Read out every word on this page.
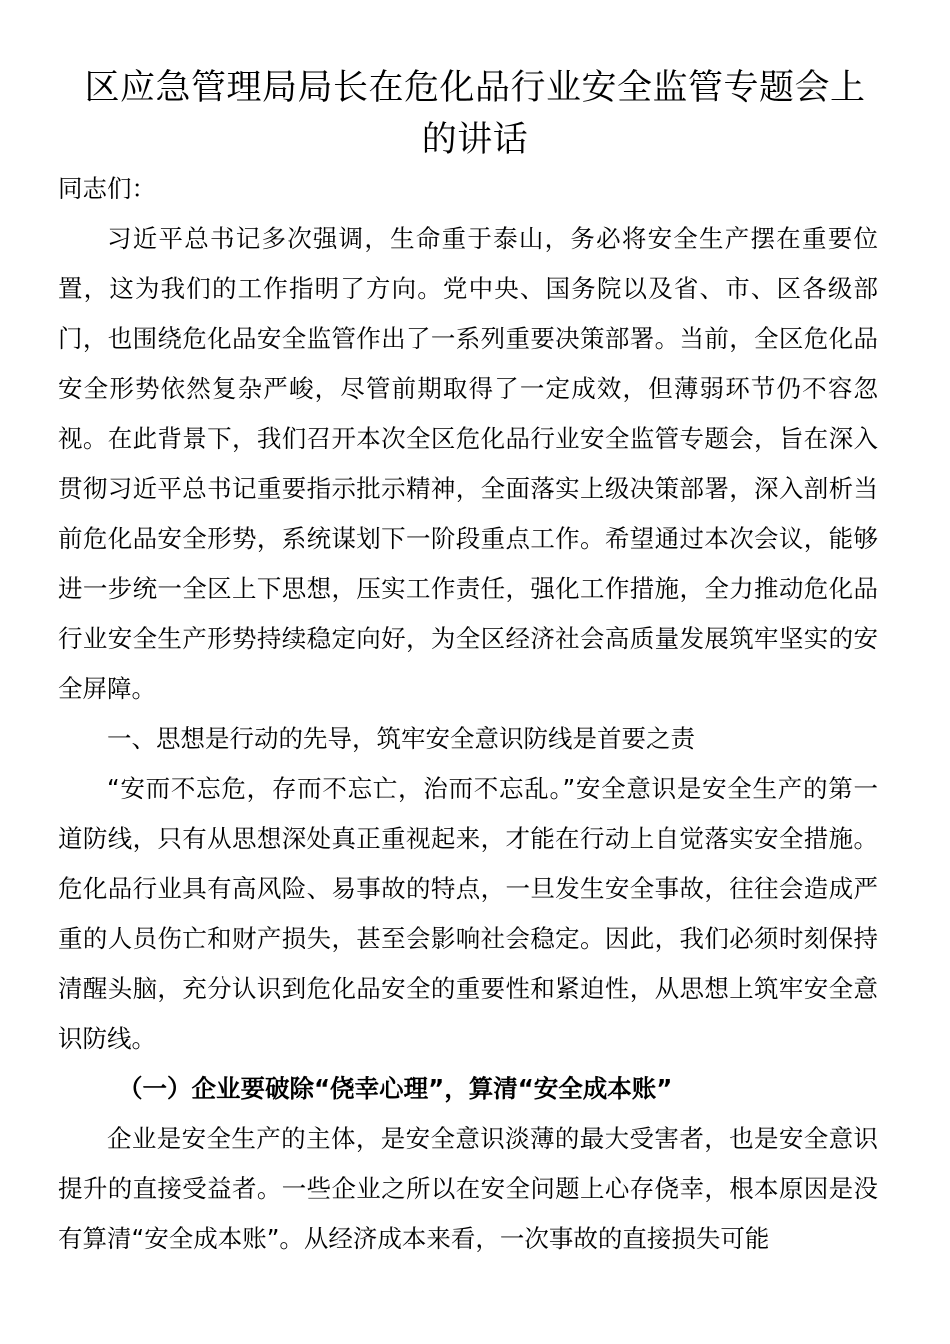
区应急管理局局长在危化品行业安全监管专题会上的讲话

同志们：

习近平总书记多次强调，生命重于泰山，务必将安全生产摆在重要位置，这为我们的工作指明了方向。党中央、国务院以及省、市、区各级部门，也围绕危化品安全监管作出了一系列重要决策部署。当前，全区危化品安全形势依然复杂严峻，尽管前期取得了一定成效，但薄弱环节仍不容忽视。在此背景下，我们召开本次全区危化品行业安全监管专题会，旨在深入贯彻习近平总书记重要指示批示精神，全面落实上级决策部署，深入剖析当前危化品安全形势，系统谋划下一阶段重点工作。希望通过本次会议，能够进一步统一全区上下思想，压实工作责任，强化工作措施，全力推动危化品行业安全生产形势持续稳定向好，为全区经济社会高质量发展筑牢坚实的安全屏障。

一、思想是行动的先导，筑牢安全意识防线是首要之责

“安而不忘危，存而不忘亡，治而不忘乱。”安全意识是安全生产的第一道防线，只有从思想深处真正重视起来，才能在行动上自觉落实安全措施。危化品行业具有高风险、易事故的特点，一旦发生安全事故，往往会造成严重的人员伤亡和财产损失，甚至会影响社会稳定。因此，我们必须时刻保持清醒头脑，充分认识到危化品安全的重要性和紧迫性，从思想上筑牢安全意识防线。

（一）企业要破除“侥幸心理”，算清“安全成本账”

企业是安全生产的主体，是安全意识淡薄的最大受害者，也是安全意识提升的直接受益者。一些企业之所以在安全问题上心存侥幸，根本原因是没有算清“安全成本账”。从经济成本来看，一次事故的直接损失可能
